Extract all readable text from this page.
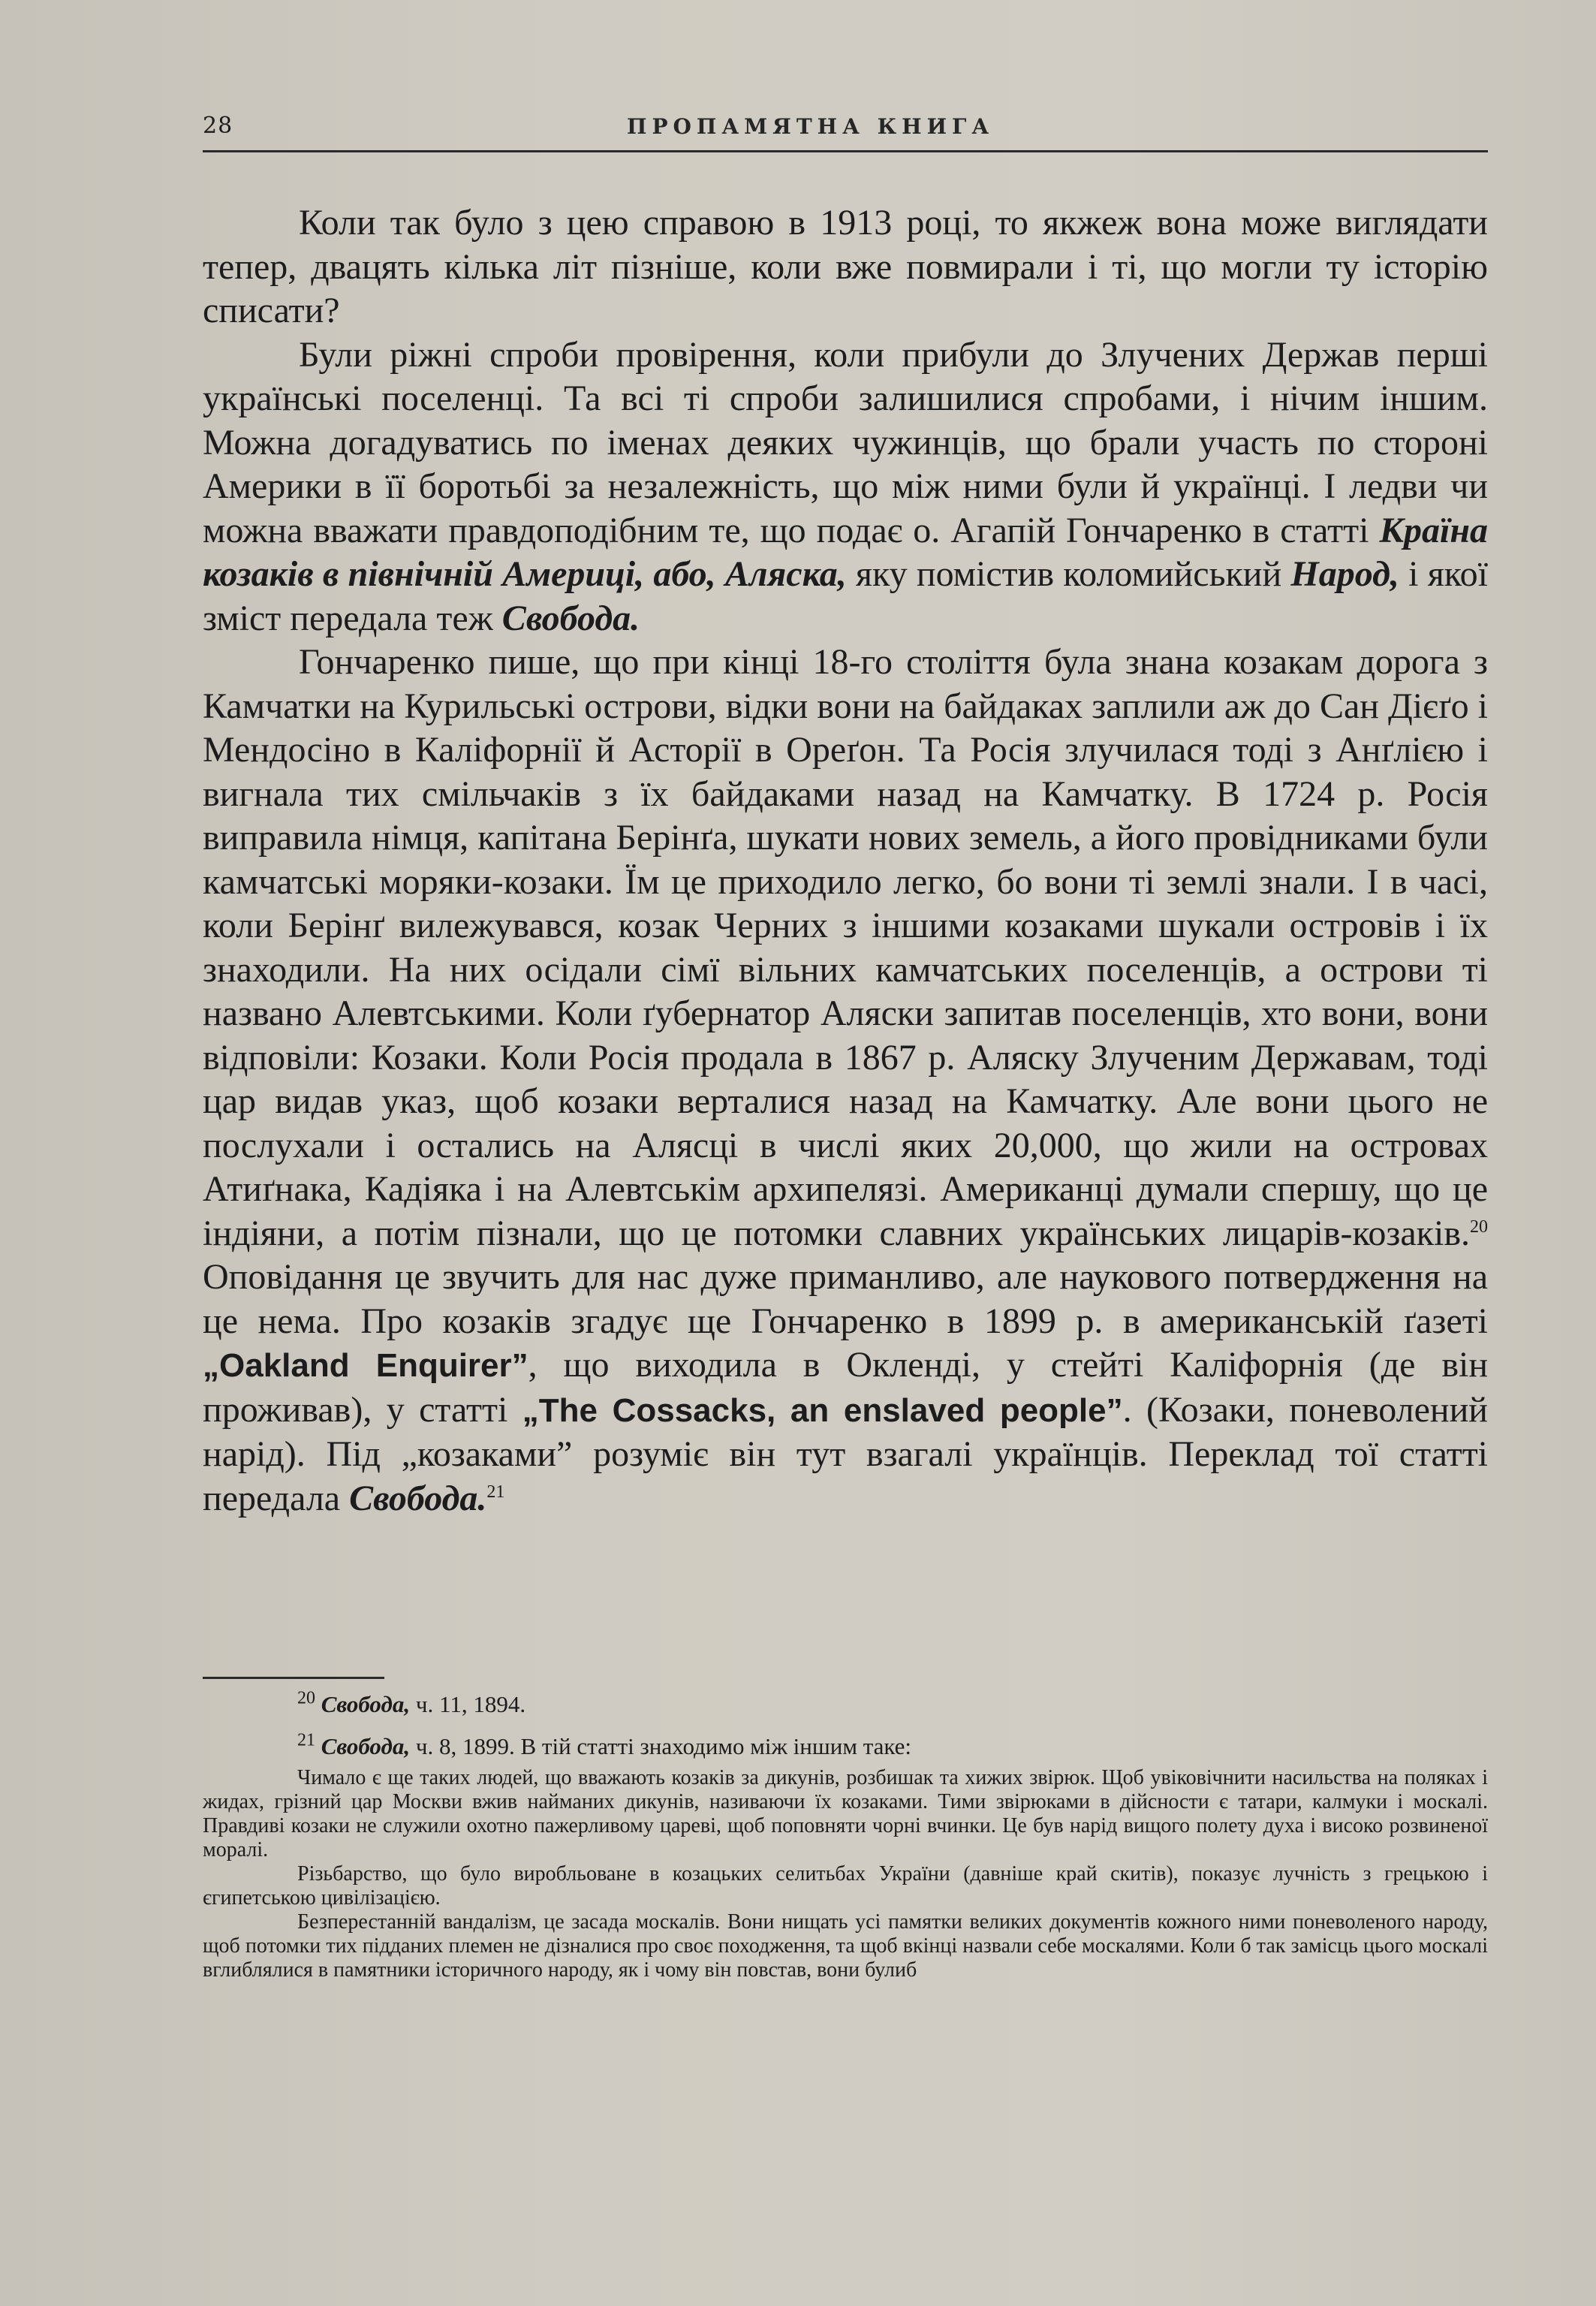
28	ПРОПАМЯТНА КНИГА

Коли так було з цею справою в 1913 році, то якжеж вона може виглядати тепер, двацять кілька літ пізніше, коли вже повмирали і ті, що могли ту історію списати?

Були ріжні спроби провірення, коли прибули до Злучених Держав перші українські поселенці. Та всі ті спроби залишилися спробами, і нічим іншим. Можна догадуватись по іменах деяких чужинців, що брали участь по стороні Америки в її боротьбі за незалежність, що між ними були й українці. І ледви чи можна вважати правдоподібним те, що подає о. Агапій Гончаренко в статті Країна козаків в північній Америці, або, Аляска, яку помістив коломийський Народ, і якої зміст передала теж Свобода.

Гончаренко пише, що при кінці 18-го століття була знана козакам дорога з Камчатки на Курильські острови, відки вони на байдаках заплили аж до Сан Дієґо і Мендосіно в Каліфорнії й Асторії в Ореґон. Та Росія злучилася тоді з Анґлією і вигнала тих смільчаків з їх байдаками назад на Камчатку. В 1724 р. Росія виправила німця, капітана Берінґа, шукати нових земель, а його провідниками були камчатські моряки-козаки. Їм це приходило легко, бо вони ті землі знали. І в часі, коли Берінґ вилежувався, козак Черних з іншими козаками шукали островів і їх знаходили. На них осідали сімї вільних камчатських поселенців, а острови ті названо Алевтськими. Коли ґубернатор Аляски запитав поселенців, хто вони, вони відповіли: Козаки. Коли Росія продала в 1867 р. Аляску Злученим Державам, тоді цар видав указ, щоб козаки верталися назад на Камчатку. Але вони цього не послухали і остались на Алясці в числі яких 20,000, що жили на островах Атиґнака, Кадіяка і на Алевтськім архипелязі. Американці думали спершу, що це індіяни, а потім пізнали, що це потомки славних українських лицарів-козаків.$^{20}$ Оповідання це звучить для нас дуже приманливо, але наукового потвердження на це нема. Про козаків згадує ще Гончаренко в 1899 р. в американській ґазеті „Oakland Enquirer”, що виходила в Окленді, у стейті Каліфорнія (де він проживав), у статті „The Cossacks, an enslaved people”. (Козаки, поневолений нарід). Під „козаками” розуміє він тут взагалі українців. Переклад тої статті передала Свобода.$^{21}$

$^{20}$ Свобода, ч. 11, 1894.
$^{21}$ Свобода, ч. 8, 1899. В тій статті знаходимо між іншим таке:

Чимало є ще таких людей, що вважають козаків за дикунів, розбишак та хижих звірюк. Щоб увіковічнити насильства на поляках і жидах, грізний цар Москви вжив найманих дикунів, називаючи їх козаками. Тими звірюками в дійсности є татари, калмуки і москалі. Правдиві козаки не служили охотно пажерливому цареві, щоб поповняти чорні вчинки. Це був нарід вищого полету духа і високо розвиненої моралі.

Різьбарство, що було виробльоване в козацьких селитьбах України (давніше край скитів), показує лучність з грецькою і єгипетською цивілізацією.

Безперестанній вандалізм, це засада москалів. Вони нищать усі памятки великих документів кожного ними поневоленого народу, щоб потомки тих підданих племен не дізналися про своє походження, та щоб вкінці назвали себе москалями. Коли б так замісць цього москалі вглиблялися в памятники історичного народу, як і чому він повстав, вони булиб
